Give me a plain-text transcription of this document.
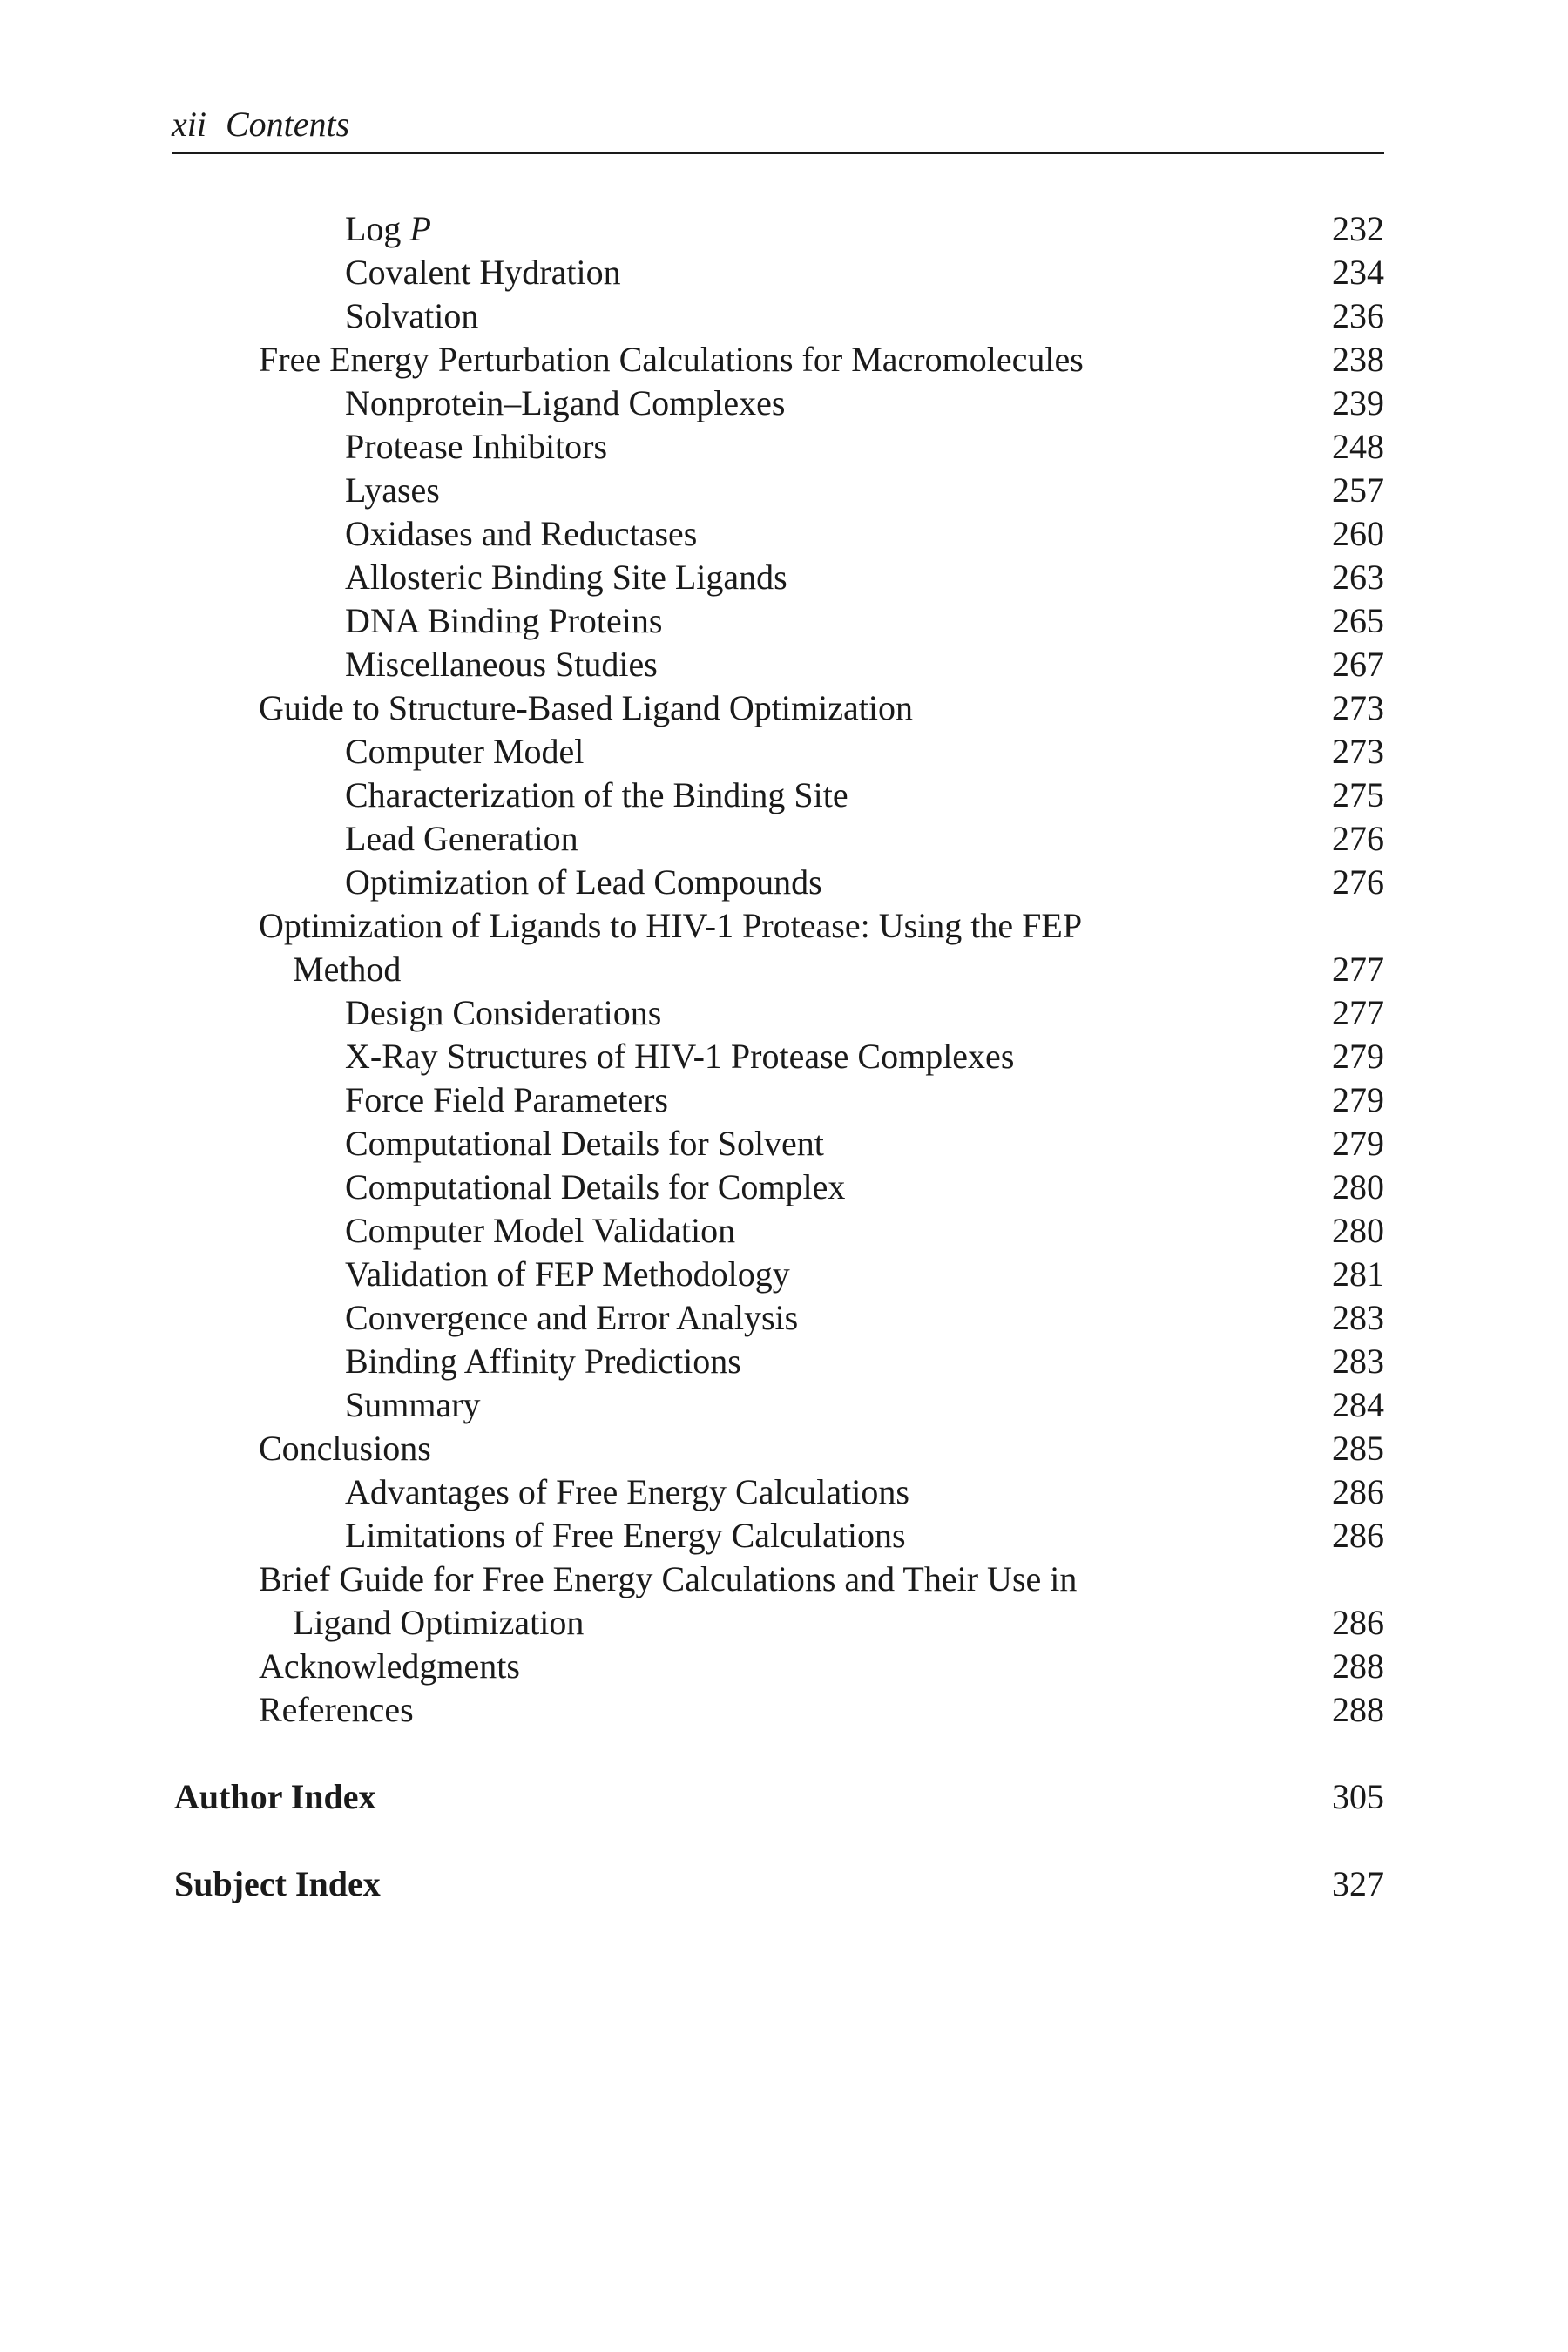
xii Contents
Log P	232
Covalent Hydration	234
Solvation	236
Free Energy Perturbation Calculations for Macromolecules	238
Nonprotein–Ligand Complexes	239
Protease Inhibitors	248
Lyases	257
Oxidases and Reductases	260
Allosteric Binding Site Ligands	263
DNA Binding Proteins	265
Miscellaneous Studies	267
Guide to Structure-Based Ligand Optimization	273
Computer Model	273
Characterization of the Binding Site	275
Lead Generation	276
Optimization of Lead Compounds	276
Optimization of Ligands to HIV-1 Protease: Using the FEP
Method	277
Design Considerations	277
X-Ray Structures of HIV-1 Protease Complexes	279
Force Field Parameters	279
Computational Details for Solvent	279
Computational Details for Complex	280
Computer Model Validation	280
Validation of FEP Methodology	281
Convergence and Error Analysis	283
Binding Affinity Predictions	283
Summary	284
Conclusions	285
Advantages of Free Energy Calculations	286
Limitations of Free Energy Calculations	286
Brief Guide for Free Energy Calculations and Their Use in
Ligand Optimization	286
Acknowledgments	288
References	288
Author Index	305
Subject Index	327
